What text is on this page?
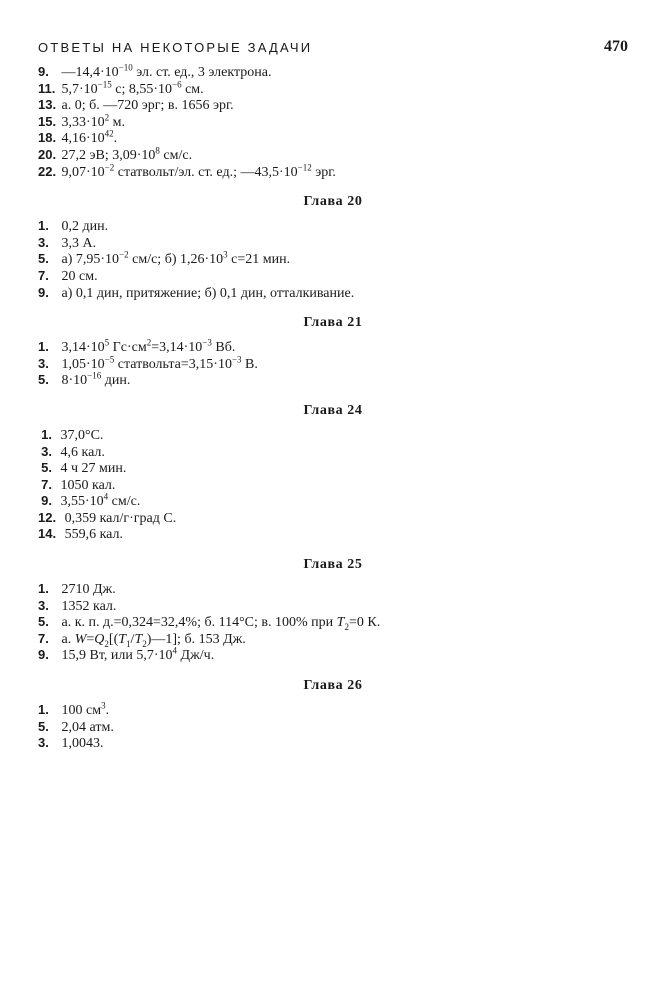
ОТВЕТЫ НА НЕКОТОРЫЕ ЗАДАЧИ	470
9. $—14,4\cdot 10^{-10}$ эл. ст. ед., 3 электрона.
11. $5,7\cdot 10^{-15}$ с; $8,55\cdot 10^{-6}$ см.
13. а. 0; б. —720 эрг; в. 1656 эрг.
15. $3,33\cdot 10^2$ м.
18. $4,16\cdot 10^{42}$.
20. 27,2 эВ; $3,09\cdot 10^8$ см/с.
22. $9,07\cdot 10^{-2}$ статвольт/эл. ст. ед.; $—43,5\cdot 10^{-12}$ эрг.
Глава 20
1. 0,2 дин.
3. 3,3 А.
5. а) $7,95\cdot 10^{-2}$ см/с; б) $1,26\cdot 10^3$ с=21 мин.
7. 20 см.
9. а) 0,1 дин, притяжение; б) 0,1 дин, отталкивание.
Глава 21
1. $3,14\cdot 10^5$ $Гс\cdot см^2=3,14\cdot 10^{-3}$ Вб.
3. $1,05\cdot 10^{-5}$ $статвольта=3,15\cdot 10^{-3}$ В.
5. $8\cdot 10^{-16}$ дин.
Глава 24
1. 37,0°С.
3. 4,6 кал.
5. 4 ч 27 мин.
7. 1050 кал.
9. $3,55\cdot 10^4$ см/с.
12. 0,359 кал/г·град С.
14. 559,6 кал.
Глава 25
1. 2710 Дж.
3. 1352 кал.
5. а. к. п. д.=0,324=32,4%; б. 114°С; в. 100% при $T_2=0$ К.
7. а. $W=Q_2[(T_1/T_2)—1]$; б. 153 Дж.
9. 15,9 Вт, или $5,7\cdot 10^4$ Дж/ч.
Глава 26
1. 100 $см^3$.
5. 2,04 атм.
3. 1,0043.
